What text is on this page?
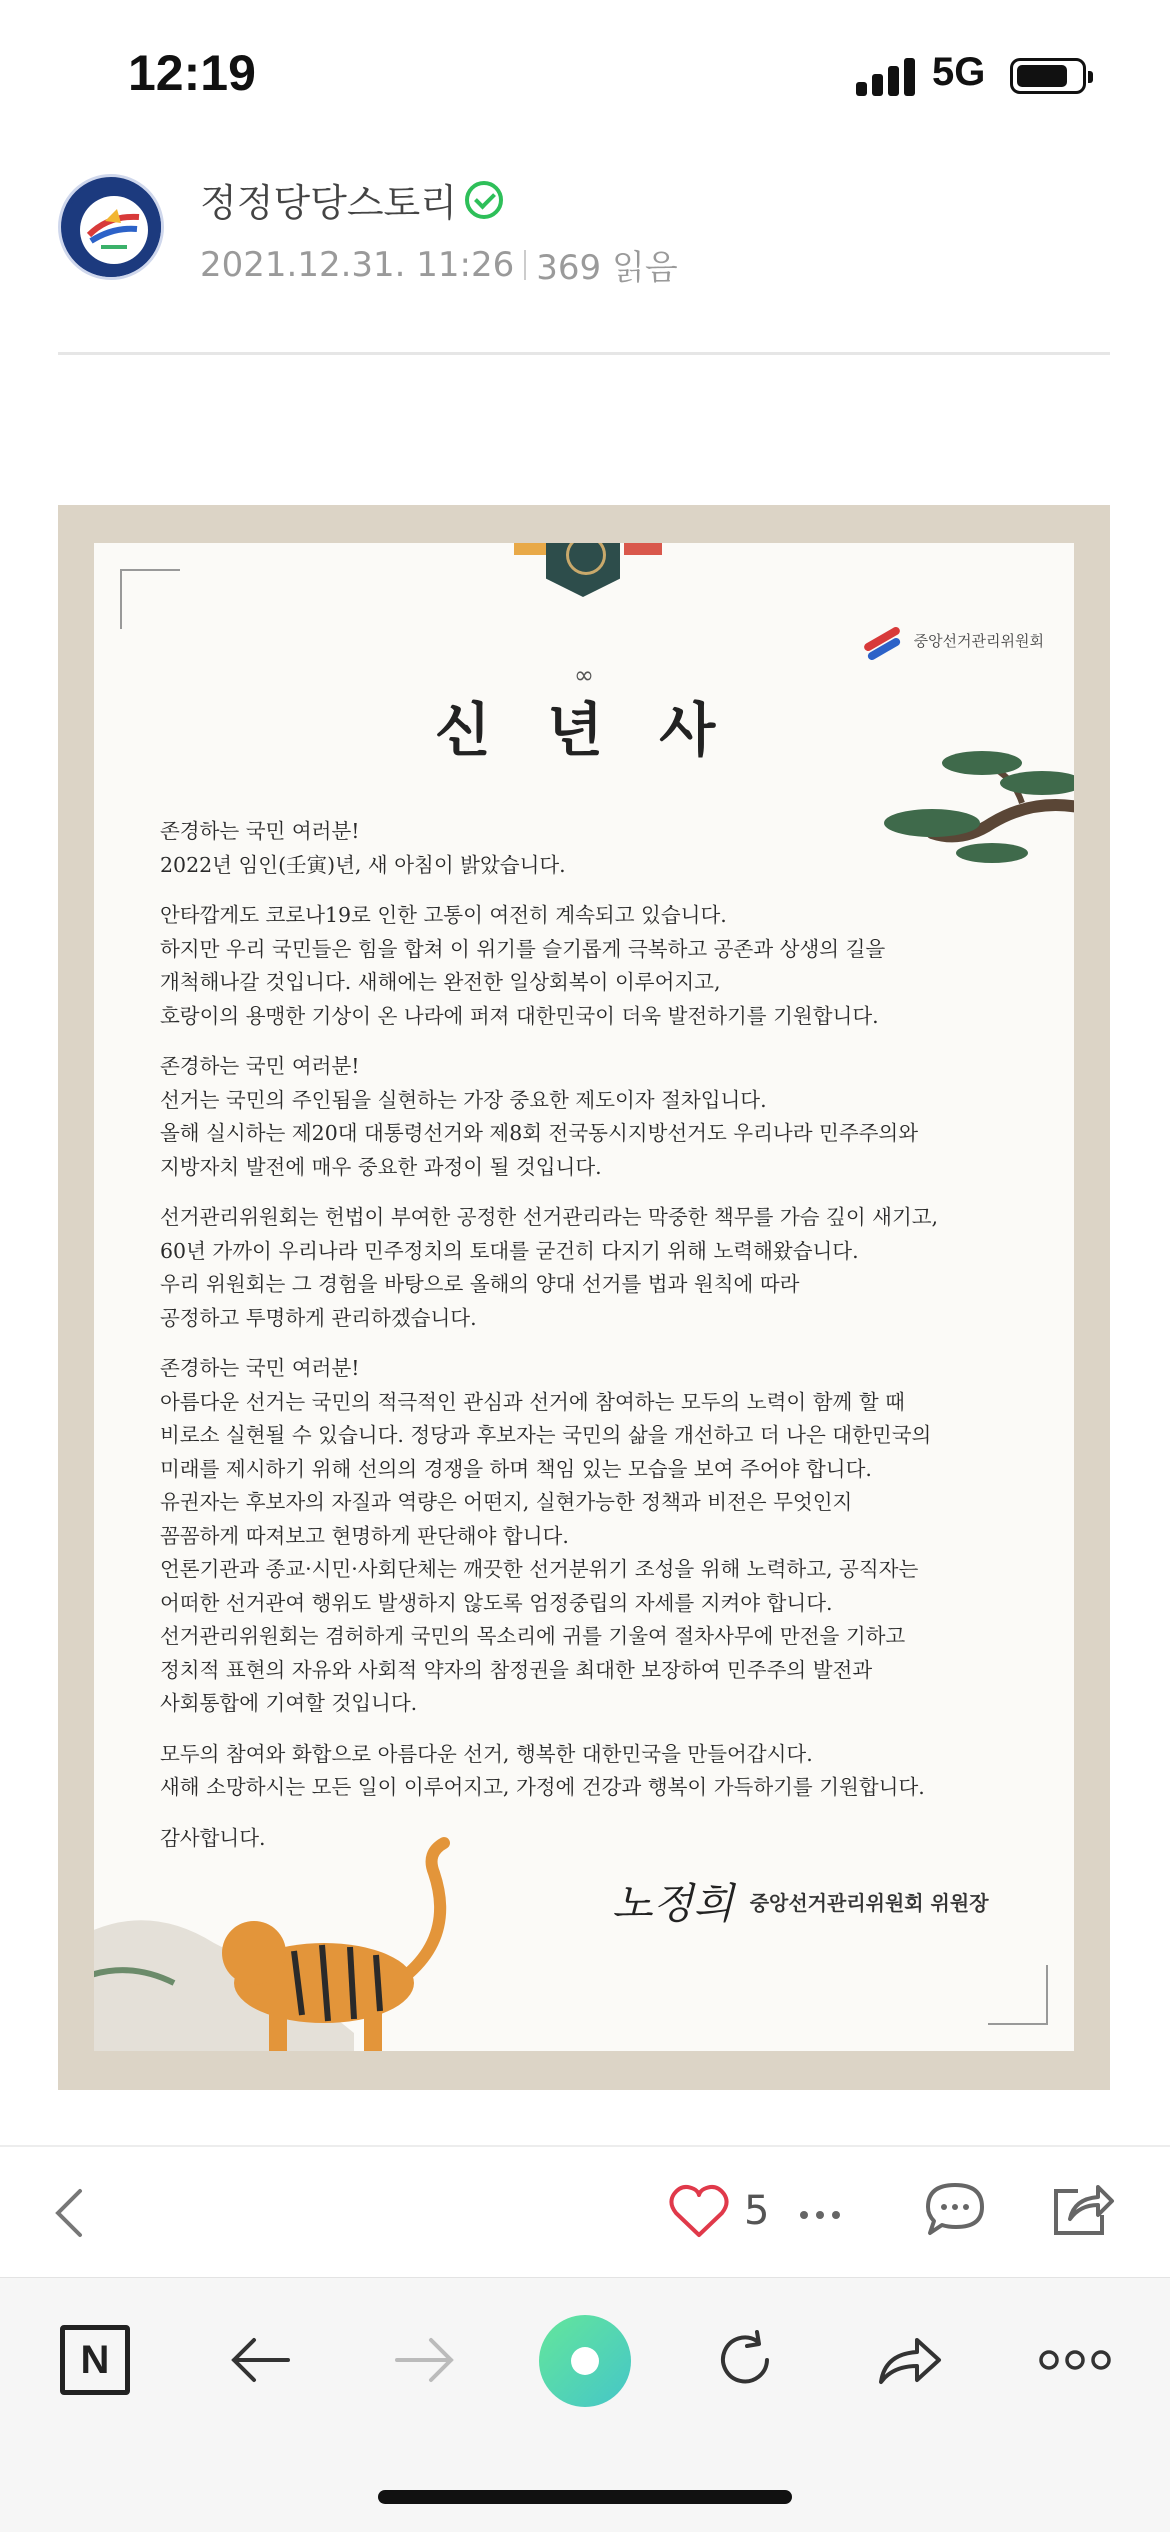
12:19	5G
정정당당스토리
2021.12.31. 11:26 369 읽음
중앙선거관리위원회
∞
신 년 사

존경하는 국민 여러분!

2022년 임인(壬寅)년, 새 아침이 밝았습니다.

안타깝게도 코로나19로 인한 고통이 여전히 계속되고 있습니다.

하지만 우리 국민들은 힘을 합쳐 이 위기를 슬기롭게 극복하고 공존과 상생의 길을

개척해나갈 것입니다. 새해에는 완전한 일상회복이 이루어지고,

호랑이의 용맹한 기상이 온 나라에 퍼져 대한민국이 더욱 발전하기를 기원합니다.

존경하는 국민 여러분!

선거는 국민의 주인됨을 실현하는 가장 중요한 제도이자 절차입니다.

올해 실시하는 제20대 대통령선거와 제8회 전국동시지방선거도 우리나라 민주주의와

지방자치 발전에 매우 중요한 과정이 될 것입니다.

선거관리위원회는 헌법이 부여한 공정한 선거관리라는 막중한 책무를 가슴 깊이 새기고,

60년 가까이 우리나라 민주정치의 토대를 굳건히 다지기 위해 노력해왔습니다.

우리 위원회는 그 경험을 바탕으로 올해의 양대 선거를 법과 원칙에 따라

공정하고 투명하게 관리하겠습니다.

존경하는 국민 여러분!

아름다운 선거는 국민의 적극적인 관심과 선거에 참여하는 모두의 노력이 함께 할 때

비로소 실현될 수 있습니다. 정당과 후보자는 국민의 삶을 개선하고 더 나은 대한민국의

미래를 제시하기 위해 선의의 경쟁을 하며 책임 있는 모습을 보여 주어야 합니다.

유권자는 후보자의 자질과 역량은 어떤지, 실현가능한 정책과 비전은 무엇인지

꼼꼼하게 따져보고 현명하게 판단해야 합니다.

언론기관과 종교·시민·사회단체는 깨끗한 선거분위기 조성을 위해 노력하고, 공직자는

어떠한 선거관여 행위도 발생하지 않도록 엄정중립의 자세를 지켜야 합니다.

선거관리위원회는 겸허하게 국민의 목소리에 귀를 기울여 절차사무에 만전을 기하고

정치적 표현의 자유와 사회적 약자의 참정권을 최대한 보장하여 민주주의 발전과

사회통합에 기여할 것입니다.

모두의 참여와 화합으로 아름다운 선거, 행복한 대한민국을 만들어갑시다.

새해 소망하시는 모든 일이 이루어지고, 가정에 건강과 행복이 가득하기를 기원합니다.

감사합니다.

노정희 중앙선거관리위원회 위원장
5
N
